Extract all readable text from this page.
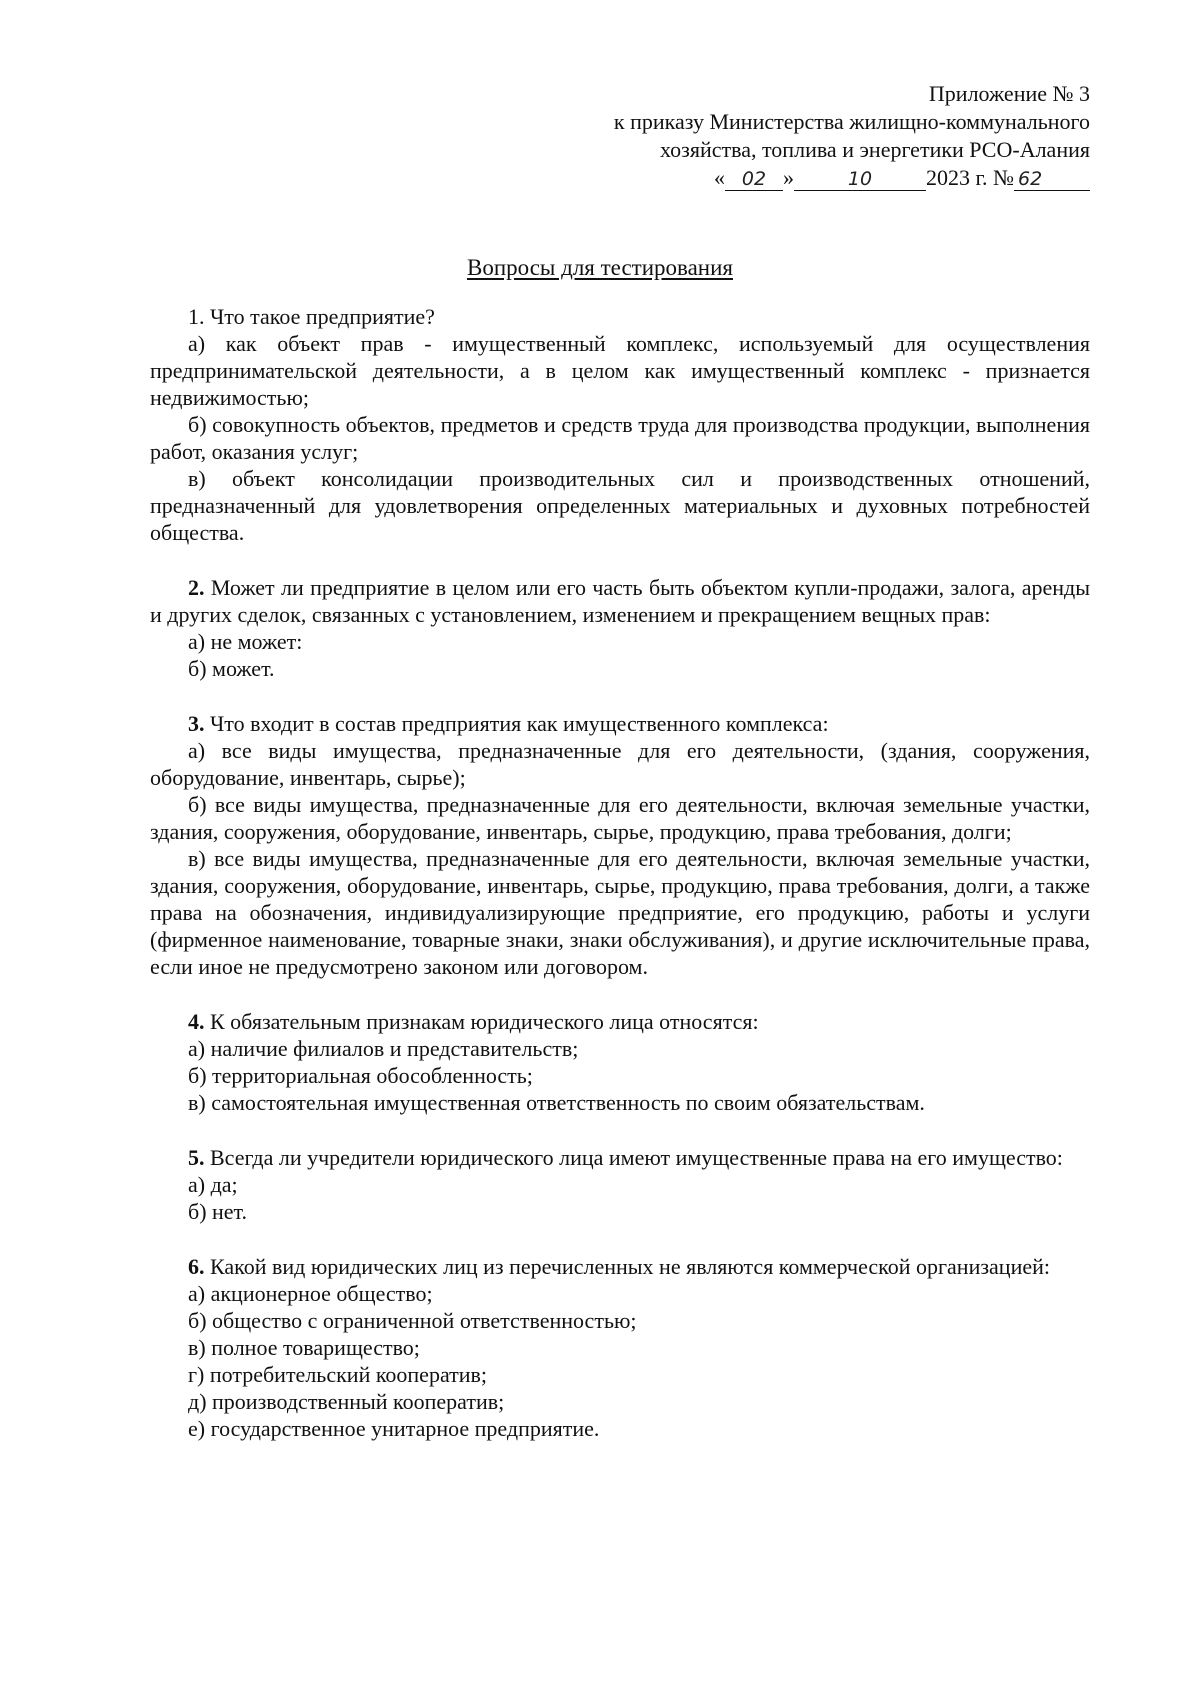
Приложение № 3
к приказу Министерства жилищно-коммунального
хозяйства, топлива и энергетики РСО-Алания
« 02 »	10 2023 г. № 62
Вопросы для тестирования

1. Что такое предприятие?

а) как объект прав - имущественный комплекс, используемый для осуществления предпринимательской деятельности, а в целом как имущественный комплекс - признается недвижимостью;

б) совокупность объектов, предметов и средств труда для производства продукции, выполнения работ, оказания услуг;

в) объект консолидации производительных сил и производственных отношений, предназначенный для удовлетворения определенных материальных и духовных потребностей общества.

2. Может ли предприятие в целом или его часть быть объектом купли-продажи, залога, аренды и других сделок, связанных с установлением, изменением и прекращением вещных прав:

а) не может:

б) может.

3. Что входит в состав предприятия как имущественного комплекса:

а) все виды имущества, предназначенные для его деятельности, (здания, сооружения, оборудование, инвентарь, сырье);

б) все виды имущества, предназначенные для его деятельности, включая земельные участки, здания, сооружения, оборудование, инвентарь, сырье, продукцию, права требования, долги;

в) все виды имущества, предназначенные для его деятельности, включая земельные участки, здания, сооружения, оборудование, инвентарь, сырье, продукцию, права требования, долги, а также права на обозначения, индивидуализирующие предприятие, его продукцию, работы и услуги (фирменное наименование, товарные знаки, знаки обслуживания), и другие исключительные права, если иное не предусмотрено законом или договором.

4. К обязательным признакам юридического лица относятся:

а) наличие филиалов и представительств;

б) территориальная обособленность;

в) самостоятельная имущественная ответственность по своим обязательствам.

5. Всегда ли учредители юридического лица имеют имущественные права на его имущество:

а) да;

б) нет.

6. Какой вид юридических лиц из перечисленных не являются коммерческой организацией:

а) акционерное общество;

б) общество с ограниченной ответственностью;

в) полное товарищество;

г) потребительский кооператив;

д) производственный кооператив;

е) государственное унитарное предприятие.
